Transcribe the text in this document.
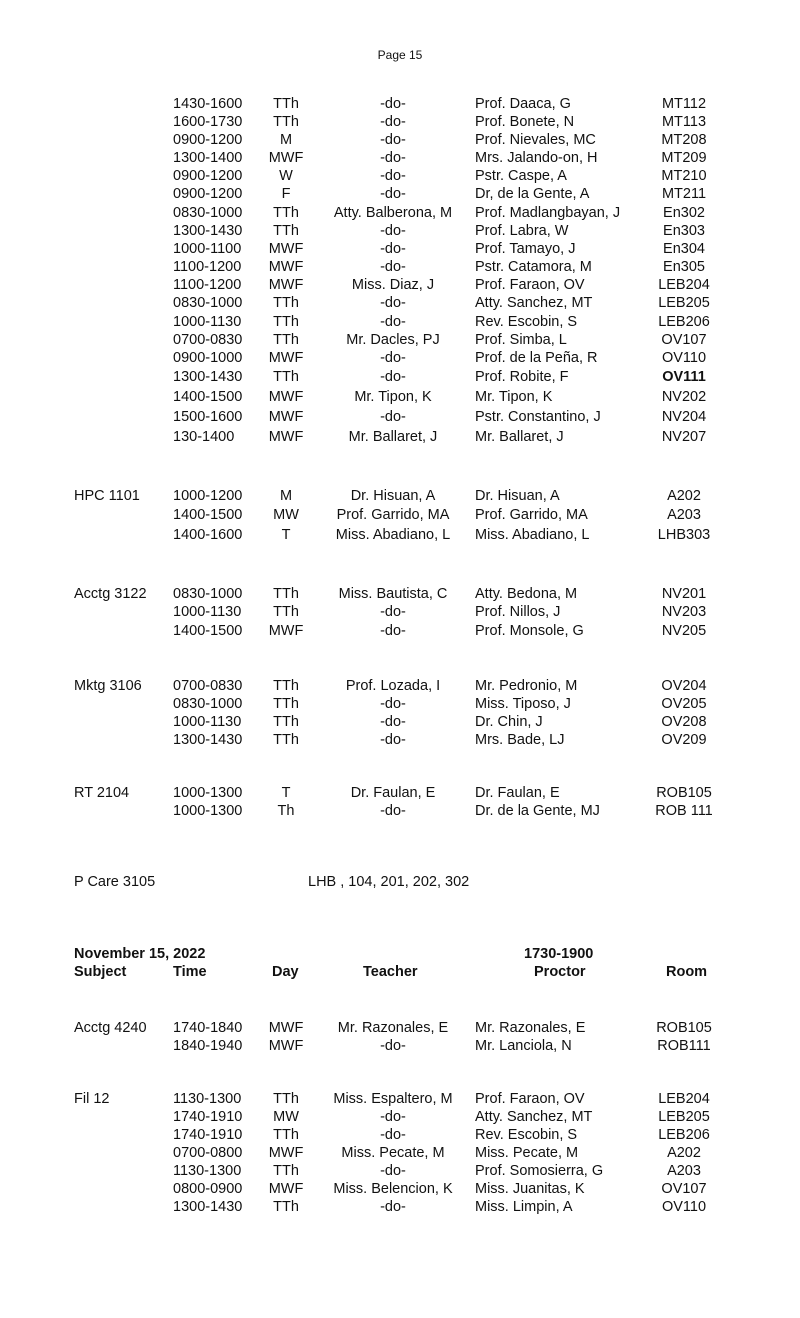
Page 15
1430-1600	TTh	-do-	Prof. Daaca, G	MT112
1600-1730	TTh	-do-	Prof. Bonete, N	MT113
0900-1200	M	-do-	Prof. Nievales, MC	MT208
1300-1400	MWF	-do-	Mrs. Jalando-on, H	MT209
0900-1200	W	-do-	Pstr. Caspe, A	MT210
0900-1200	F	-do-	Dr, de la Gente, A	MT211
0830-1000	TTh	Atty. Balberona, M	Prof. Madlangbayan, J	En302
1300-1430	TTh	-do-	Prof. Labra, W	En303
1000-1100	MWF	-do-	Prof. Tamayo, J	En304
1100-1200	MWF	-do-	Pstr. Catamora, M	En305
1100-1200	MWF	Miss. Diaz, J	Prof. Faraon, OV	LEB204
0830-1000	TTh	-do-	Atty. Sanchez, MT	LEB205
1000-1130	TTh	-do-	Rev. Escobin, S	LEB206
0700-0830	TTh	Mr. Dacles, PJ	Prof. Simba, L	OV107
0900-1000	MWF	-do-	Prof. de la Peña, R	OV110
1300-1430	TTh	-do-	Prof. Robite, F	OV111
1400-1500	MWF	Mr. Tipon, K	Mr. Tipon, K	NV202
1500-1600	MWF	-do-	Pstr. Constantino, J	NV204
130-1400	MWF	Mr. Ballaret, J	Mr. Ballaret, J	NV207
HPC 1101 1000-1200	M	Dr. Hisuan, A	Dr. Hisuan, A	A202
1400-1500	MW	Prof. Garrido, MA	Prof. Garrido, MA	A203
1400-1600	T	Miss. Abadiano, L	Miss. Abadiano, L	LHB303
Acctg 3122 0830-1000	TTh	Miss. Bautista, C	Atty. Bedona, M	NV201
1000-1130	TTh	-do-	Prof. Nillos, J	NV203
1400-1500	MWF	-do-	Prof. Monsole, G	NV205
Mktg 3106 0700-0830	TTh	Prof. Lozada, I	Mr. Pedronio, M	OV204
0830-1000	TTh	-do-	Miss. Tiposo, J	OV205
1000-1130	TTh	-do-	Dr. Chin, J	OV208
1300-1430	TTh	-do-	Mrs. Bade, LJ	OV209
RT 2104	1000-1300	T	Dr. Faulan, E	Dr. Faulan, E	ROB105
1000-1300	Th	-do-	Dr. de la Gente, MJ	ROB 111
Acctg 4240 1740-1840	MWF	Mr. Razonales, E	Mr. Razonales, E	ROB105
1840-1940	MWF	-do-	Mr. Lanciola, N	ROB111
Fil 12	1130-1300	TTh	Miss. Espaltero, M	Prof. Faraon, OV	LEB204
1740-1910	MW	-do-	Atty. Sanchez, MT	LEB205
1740-1910	TTh	-do-	Rev. Escobin, S	LEB206
0700-0800	MWF	Miss. Pecate, M	Miss. Pecate, M	A202
1130-1300	TTh	-do-	Prof. Somosierra, G	A203
0800-0900	MWF	Miss. Belencion, K	Miss. Juanitas, K	OV107
1300-1430	TTh	-do-	Miss. Limpin, A	OV110
P Care 3105	LHB , 104, 201, 202, 302
November 15, 2022	1730-1900
Subject	Time	Day	Teacher	Proctor	Room
